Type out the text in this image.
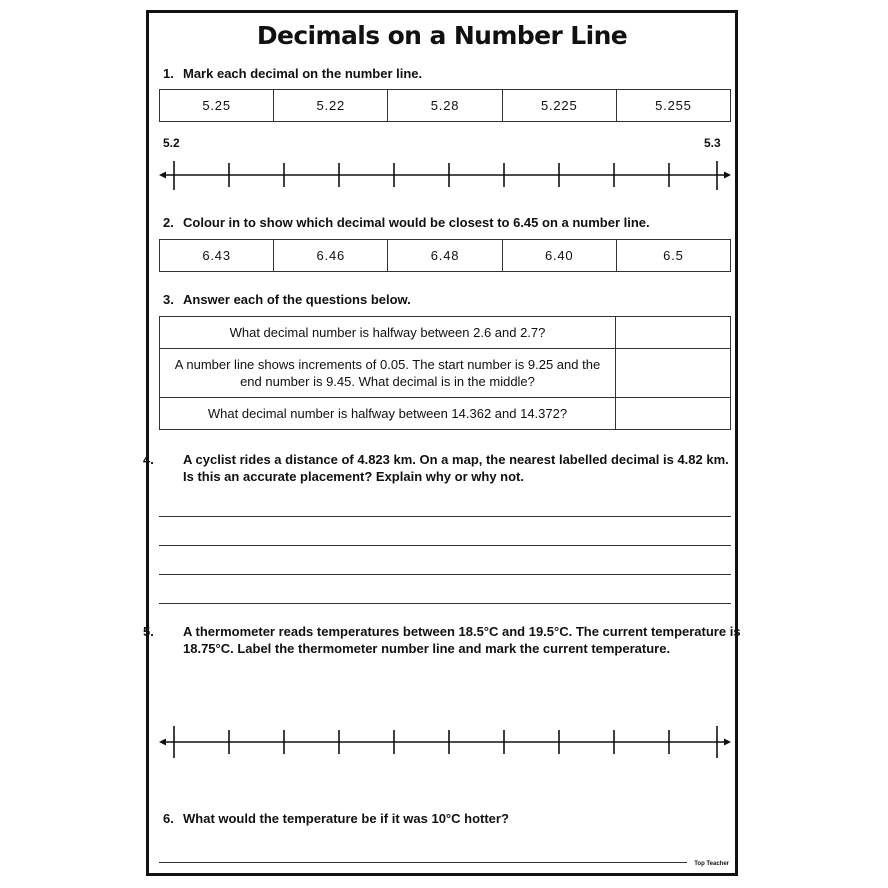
Decimals on a Number Line
1. Mark each decimal on the number line.
5.25	5.22	5.28	5.225	5.255
5.2	5.3
2. Colour in to show which decimal would be closest to 6.45 on a number line.
6.43	6.46	6.48	6.40	6.5
3. Answer each of the questions below.
What decimal number is halfway between 2.6 and 2.7?	
A number line shows increments of 0.05. The start number is 9.25 and the end number is 9.45. What decimal is in the middle?	
What decimal number is halfway between 14.362 and 14.372?	
4. A cyclist rides a distance of 4.823 km. On a map, the nearest labelled decimal is 4.82 km. Is this an accurate placement? Explain why or why not.
5. A thermometer reads temperatures between 18.5°C and 19.5°C. The current temperature is 18.75°C. Label the thermometer number line and mark the current temperature.
6. What would the temperature be if it was 10°C hotter?
Top Teacher
